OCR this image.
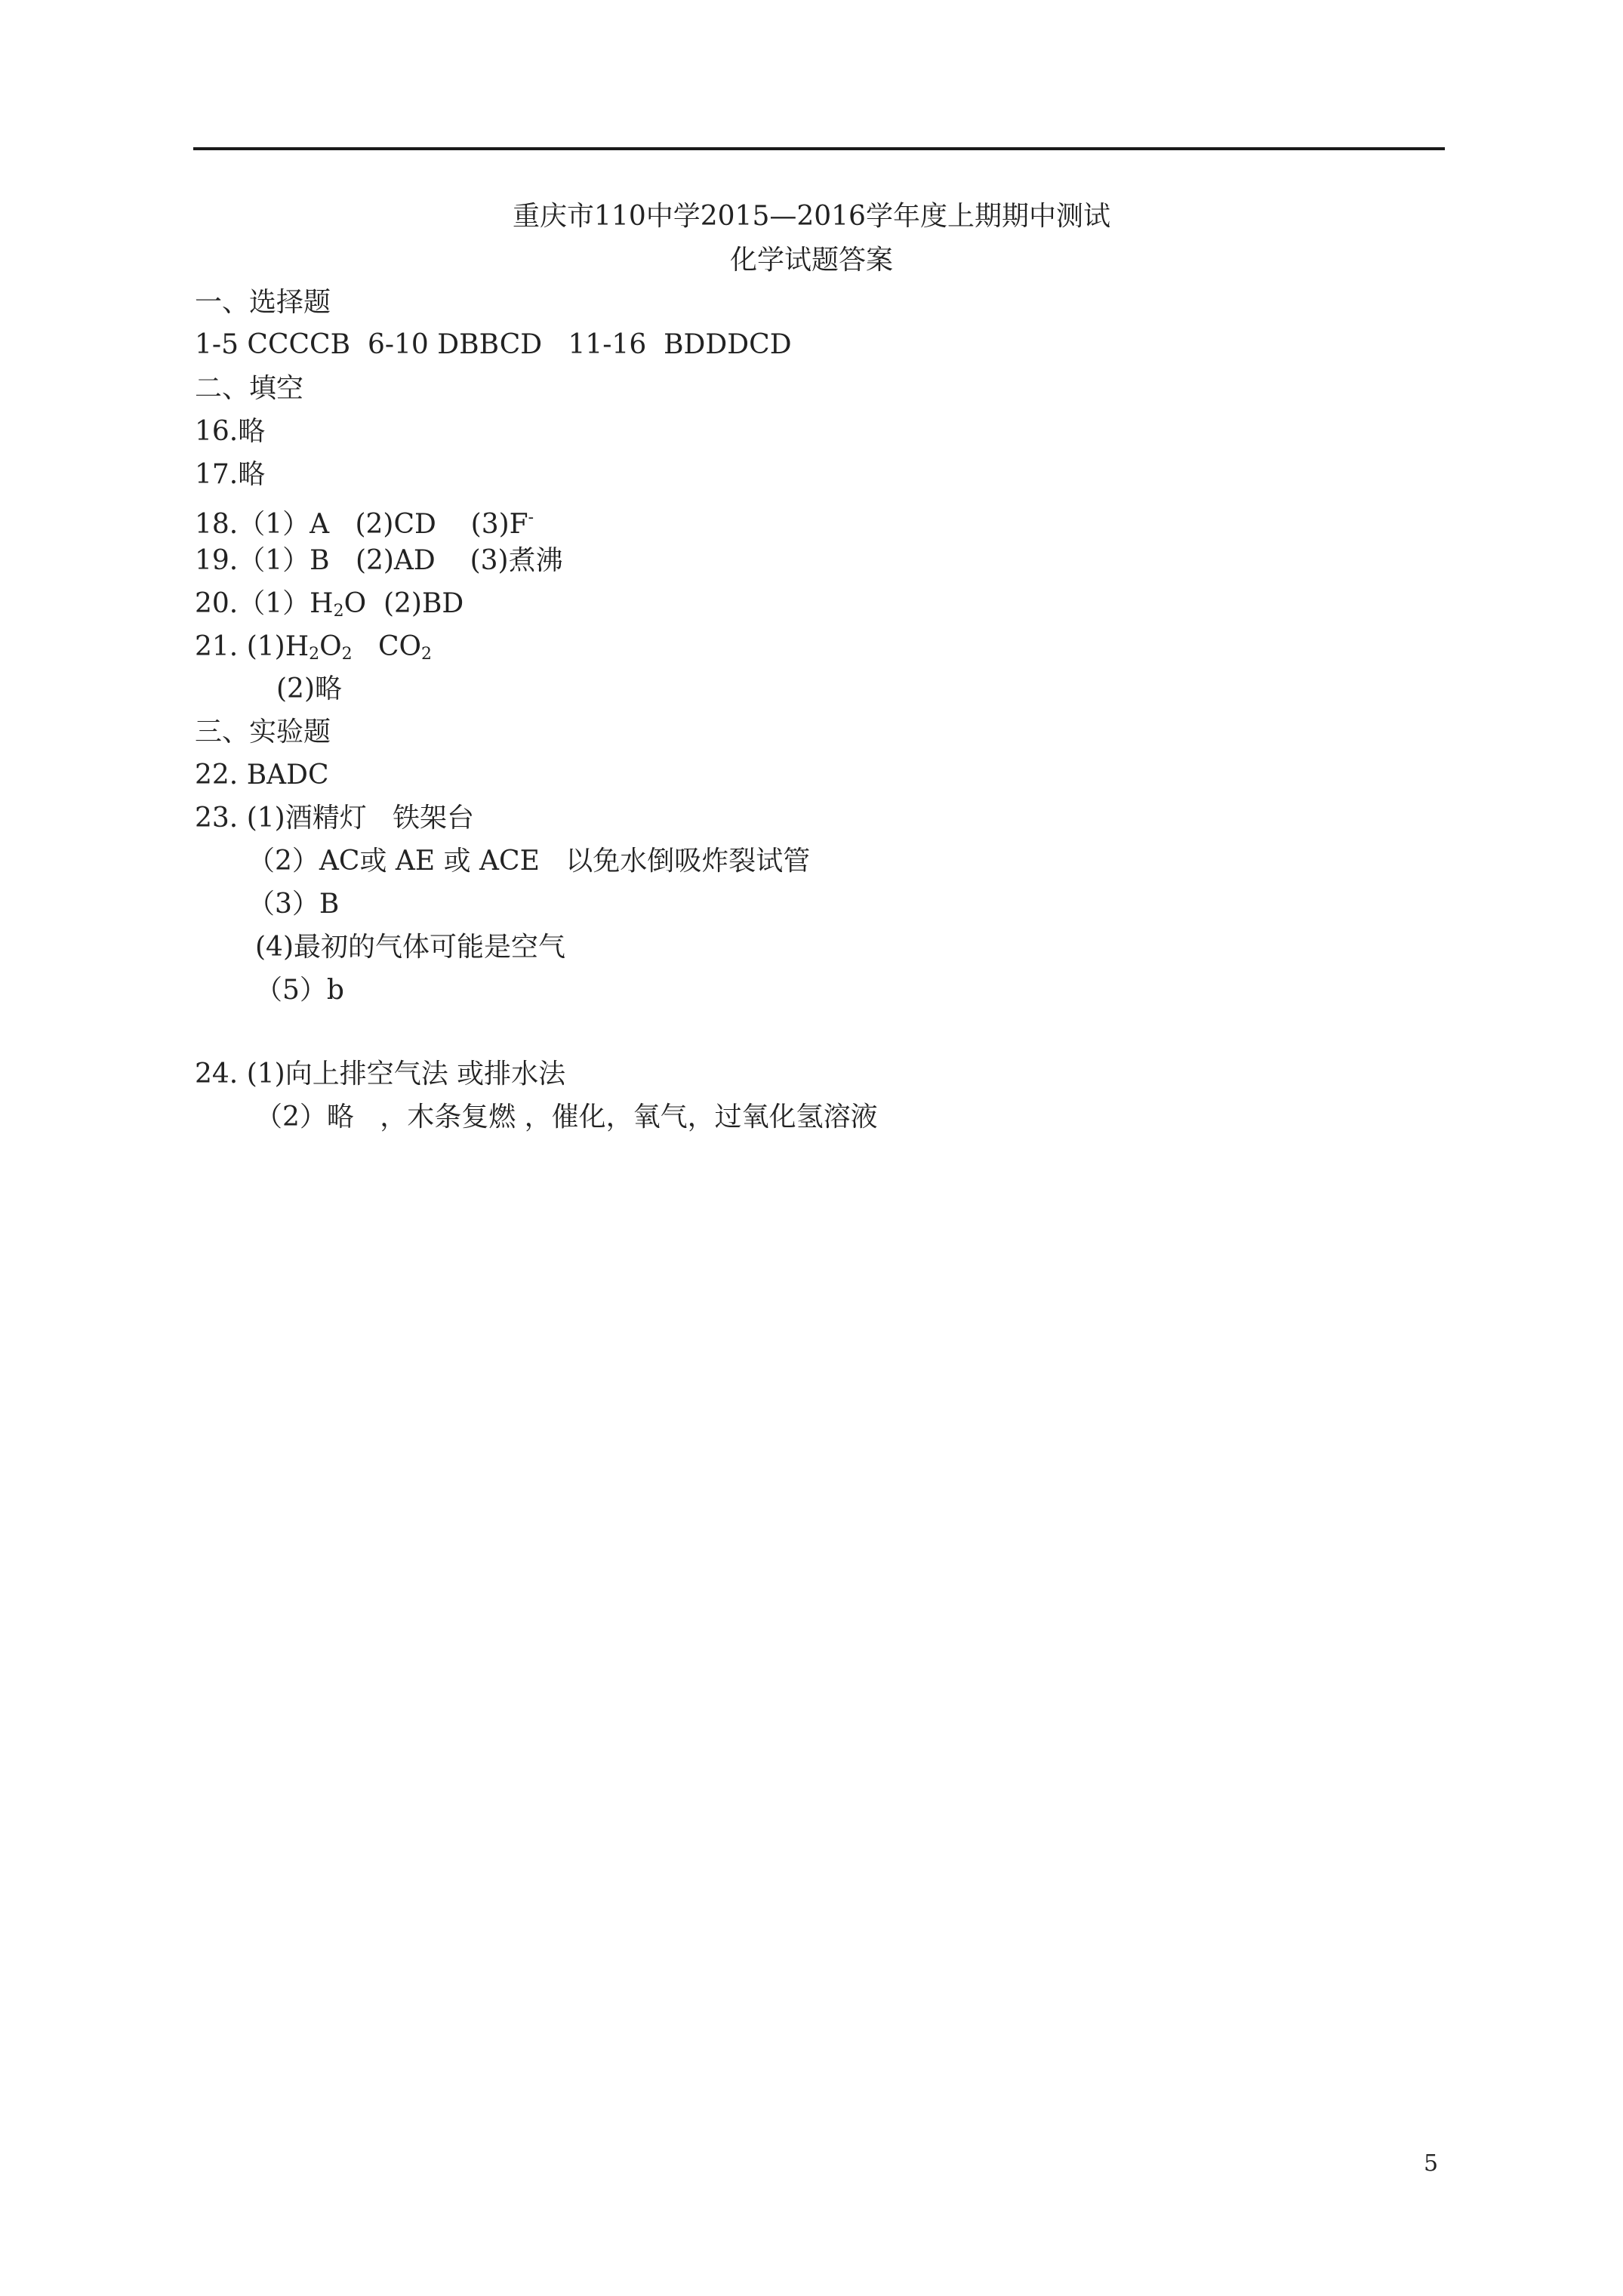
重庆市110中学2015—2016学年度上期期中测试
化学试题答案
一、选择题
1-5 CCCCB  6-10 DBBCD   11-16  BDDDCD
二、填空
16.略
17.略
18.（1）A   (2)CD    (3)F-
19.（1）B   (2)AD    (3)煮沸
$20.(1)H_2O$  (2)BD
21. $(1)H_2O_2$   $CO_2$
(2)略
三、实验题
22. BADC
23. (1)酒精灯   铁架台
（2）AC或 AE 或 ACE   以免水倒吸炸裂试管
（3）B
(4)最初的气体可能是空气
（5）b
24. (1)向上排空气法 或排水法
（2）略   ，木条复燃 ，催化，氧气，过氧化氢溶液
5
